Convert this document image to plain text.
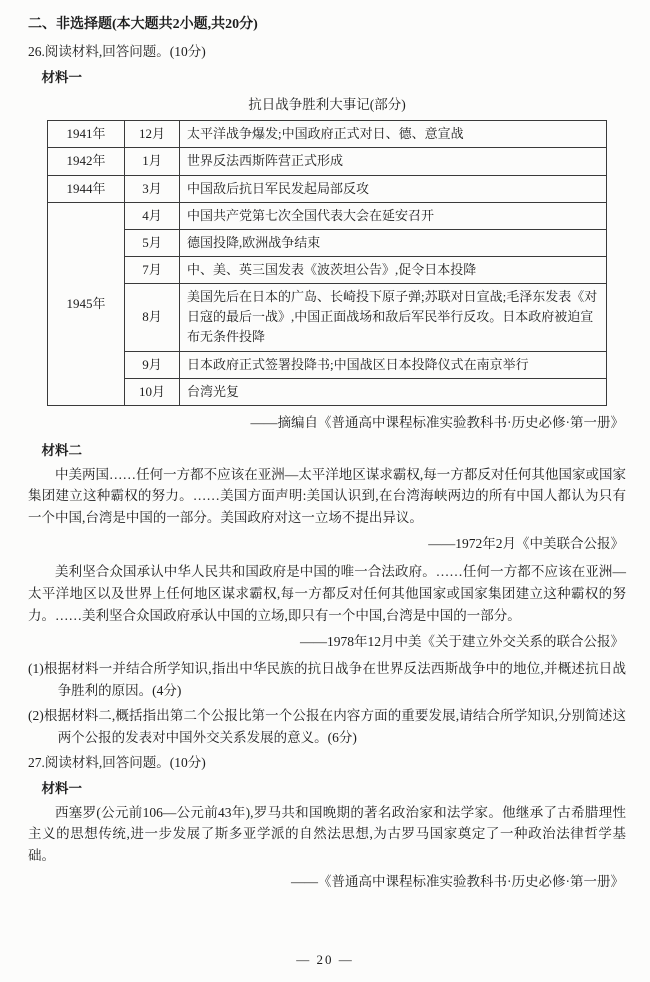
二、非选择题(本大题共2小题,共20分)
26.阅读材料,回答问题。(10分)
材料一
抗日战争胜利大事记(部分)
1941年	12月	太平洋战争爆发;中国政府正式对日、德、意宣战
1942年	1月	世界反法西斯阵营正式形成
1944年	3月	中国敌后抗日军民发起局部反攻
1945年	4月	中国共产党第七次全国代表大会在延安召开
	5月	德国投降,欧洲战争结束
	7月	中、美、英三国发表《波茨坦公告》,促令日本投降
	8月	美国先后在日本的广岛、长崎投下原子弹;苏联对日宣战;毛泽东发表《对日寇的最后一战》,中国正面战场和敌后军民举行反攻。日本政府被迫宣布无条件投降
	9月	日本政府正式签署投降书;中国战区日本投降仪式在南京举行
	10月	台湾光复
——摘编自《普通高中课程标准实验教科书·历史必修·第一册》
材料二
中美两国……任何一方都不应该在亚洲—太平洋地区谋求霸权,每一方都反对任何其他国家或国家集团建立这种霸权的努力。……美国方面声明:美国认识到,在台湾海峡两边的所有中国人都认为只有一个中国,台湾是中国的一部分。美国政府对这一立场不提出异议。
——1972年2月《中美联合公报》
美利坚合众国承认中华人民共和国政府是中国的唯一合法政府。……任何一方都不应该在亚洲—太平洋地区以及世界上任何地区谋求霸权,每一方都反对任何其他国家或国家集团建立这种霸权的努力。……美利坚合众国政府承认中国的立场,即只有一个中国,台湾是中国的一部分。
——1978年12月中美《关于建立外交关系的联合公报》
(1)根据材料一并结合所学知识,指出中华民族的抗日战争在世界反法西斯战争中的地位,并概述抗日战争胜利的原因。(4分)
(2)根据材料二,概括指出第二个公报比第一个公报在内容方面的重要发展,请结合所学知识,分别简述这两个公报的发表对中国外交关系发展的意义。(6分)
27.阅读材料,回答问题。(10分)
材料一
西塞罗(公元前106—公元前43年),罗马共和国晚期的著名政治家和法学家。他继承了古希腊理性主义的思想传统,进一步发展了斯多亚学派的自然法思想,为古罗马国家奠定了一种政治法律哲学基础。
——《普通高中课程标准实验教科书·历史必修·第一册》
— 20 —
